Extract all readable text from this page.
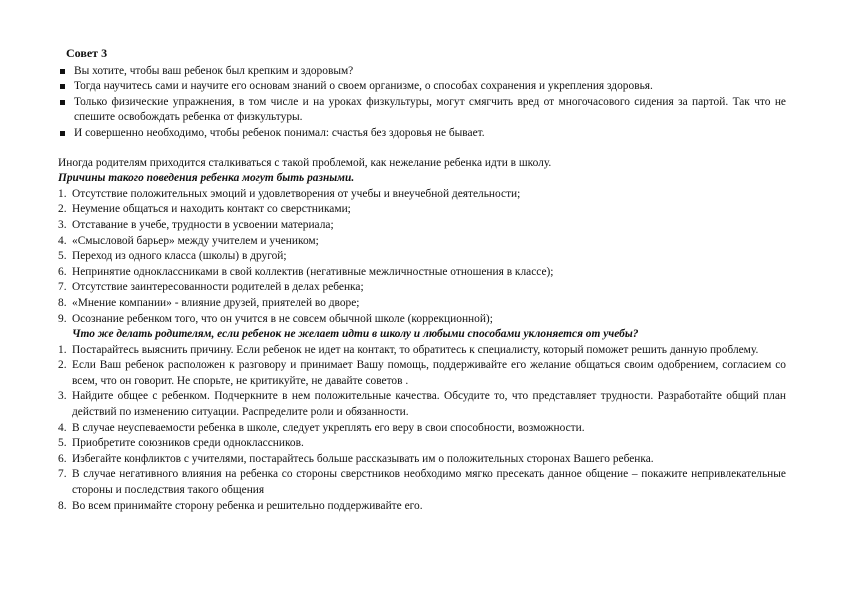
Совет 3
Вы хотите, чтобы ваш ребенок был крепким и здоровым?
Тогда научитесь сами и научите его основам знаний о своем организме, о способах сохранения и укрепления здоровья.
Только физические упражнения, в том числе и на уроках физкультуры, могут смягчить вред от многочасового сидения за партой. Так что не спешите освобождать ребенка от физкультуры.
И совершенно необходимо, чтобы ребенок понимал: счастья без здоровья не бывает.

Иногда родителям приходится сталкиваться с такой проблемой, как нежелание ребенка идти в школу.

Причины такого поведения ребенка могут быть разными.

1. Отсутствие положительных эмоций и удовлетворения от учебы и внеучебной деятельности;
2. Неумение общаться и находить контакт со сверстниками;
3. Отставание в учебе, трудности в усвоении материала;
4. «Смысловой барьер» между учителем и учеником;
5. Переход из одного класса (школы) в другой;
6. Непринятие одноклассниками в свой коллектив (негативные межличностные отношения в классе);
7. Отсутствие заинтересованности родителей в делах ребенка;
8. «Мнение компании» - влияние друзей, приятелей во дворе;
9. Осознание ребенком того, что он учится в не совсем обычной школе (коррекционной);

Что же делать родителям, если ребенок не желает идти в школу и любыми способами уклоняется от учебы?

1. Постарайтесь выяснить причину. Если ребенок не идет на контакт, то обратитесь к специалисту, который поможет решить данную проблему.
2. Если Ваш ребенок расположен к разговору и принимает Вашу помощь, поддерживайте его желание общаться своим одобрением, согласием со всем, что он говорит. Не спорьте, не критикуйте, не давайте советов .
3. Найдите общее с ребенком. Подчеркните в нем положительные качества. Обсудите то, что представляет трудности. Разработайте общий план действий по изменению ситуации. Распределите роли и обязанности.
4. В случае неуспеваемости ребенка в школе, следует укреплять его веру в свои способности, возможности.
5. Приобретите союзников среди одноклассников.
6. Избегайте конфликтов с учителями, постарайтесь больше рассказывать им о положительных сторонах Вашего ребенка.
7. В случае негативного влияния на ребенка со стороны сверстников необходимо мягко пресекать данное общение – покажите непривлекательные стороны и последствия такого общения
8. Во всем принимайте сторону ребенка и решительно поддерживайте его.
